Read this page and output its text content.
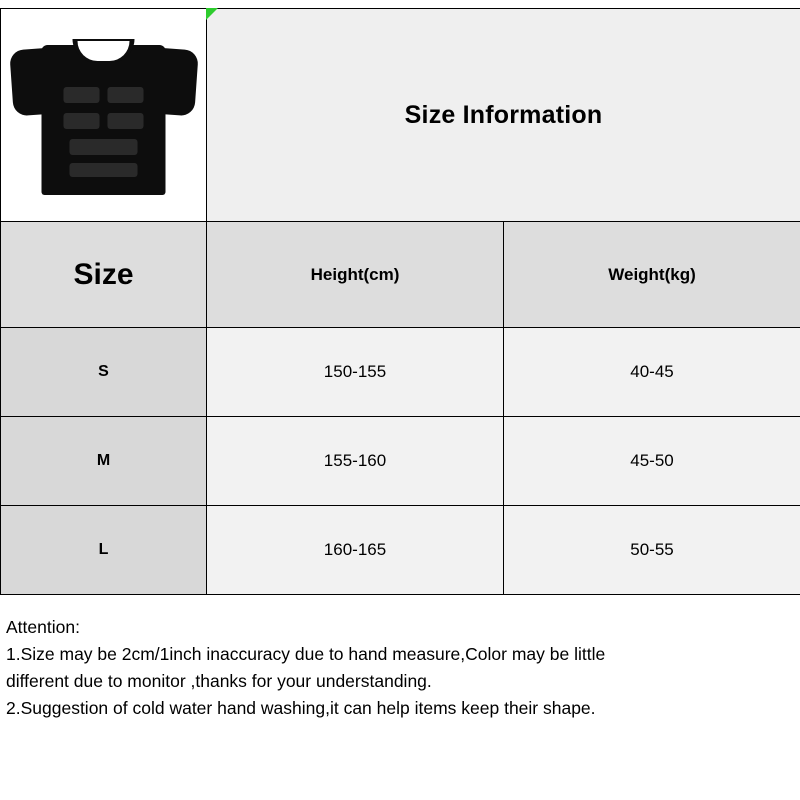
	Size Information	
Size	Height(cm)	Weight(kg)
S	150-155	40-45
M	155-160	45-50
L	160-165	50-55

Attention:

1.Size may be 2cm/1inch inaccuracy due to hand measure,Color may be little

different due to monitor ,thanks for your understanding.

2.Suggestion of cold water hand washing,it can help items keep their shape.
